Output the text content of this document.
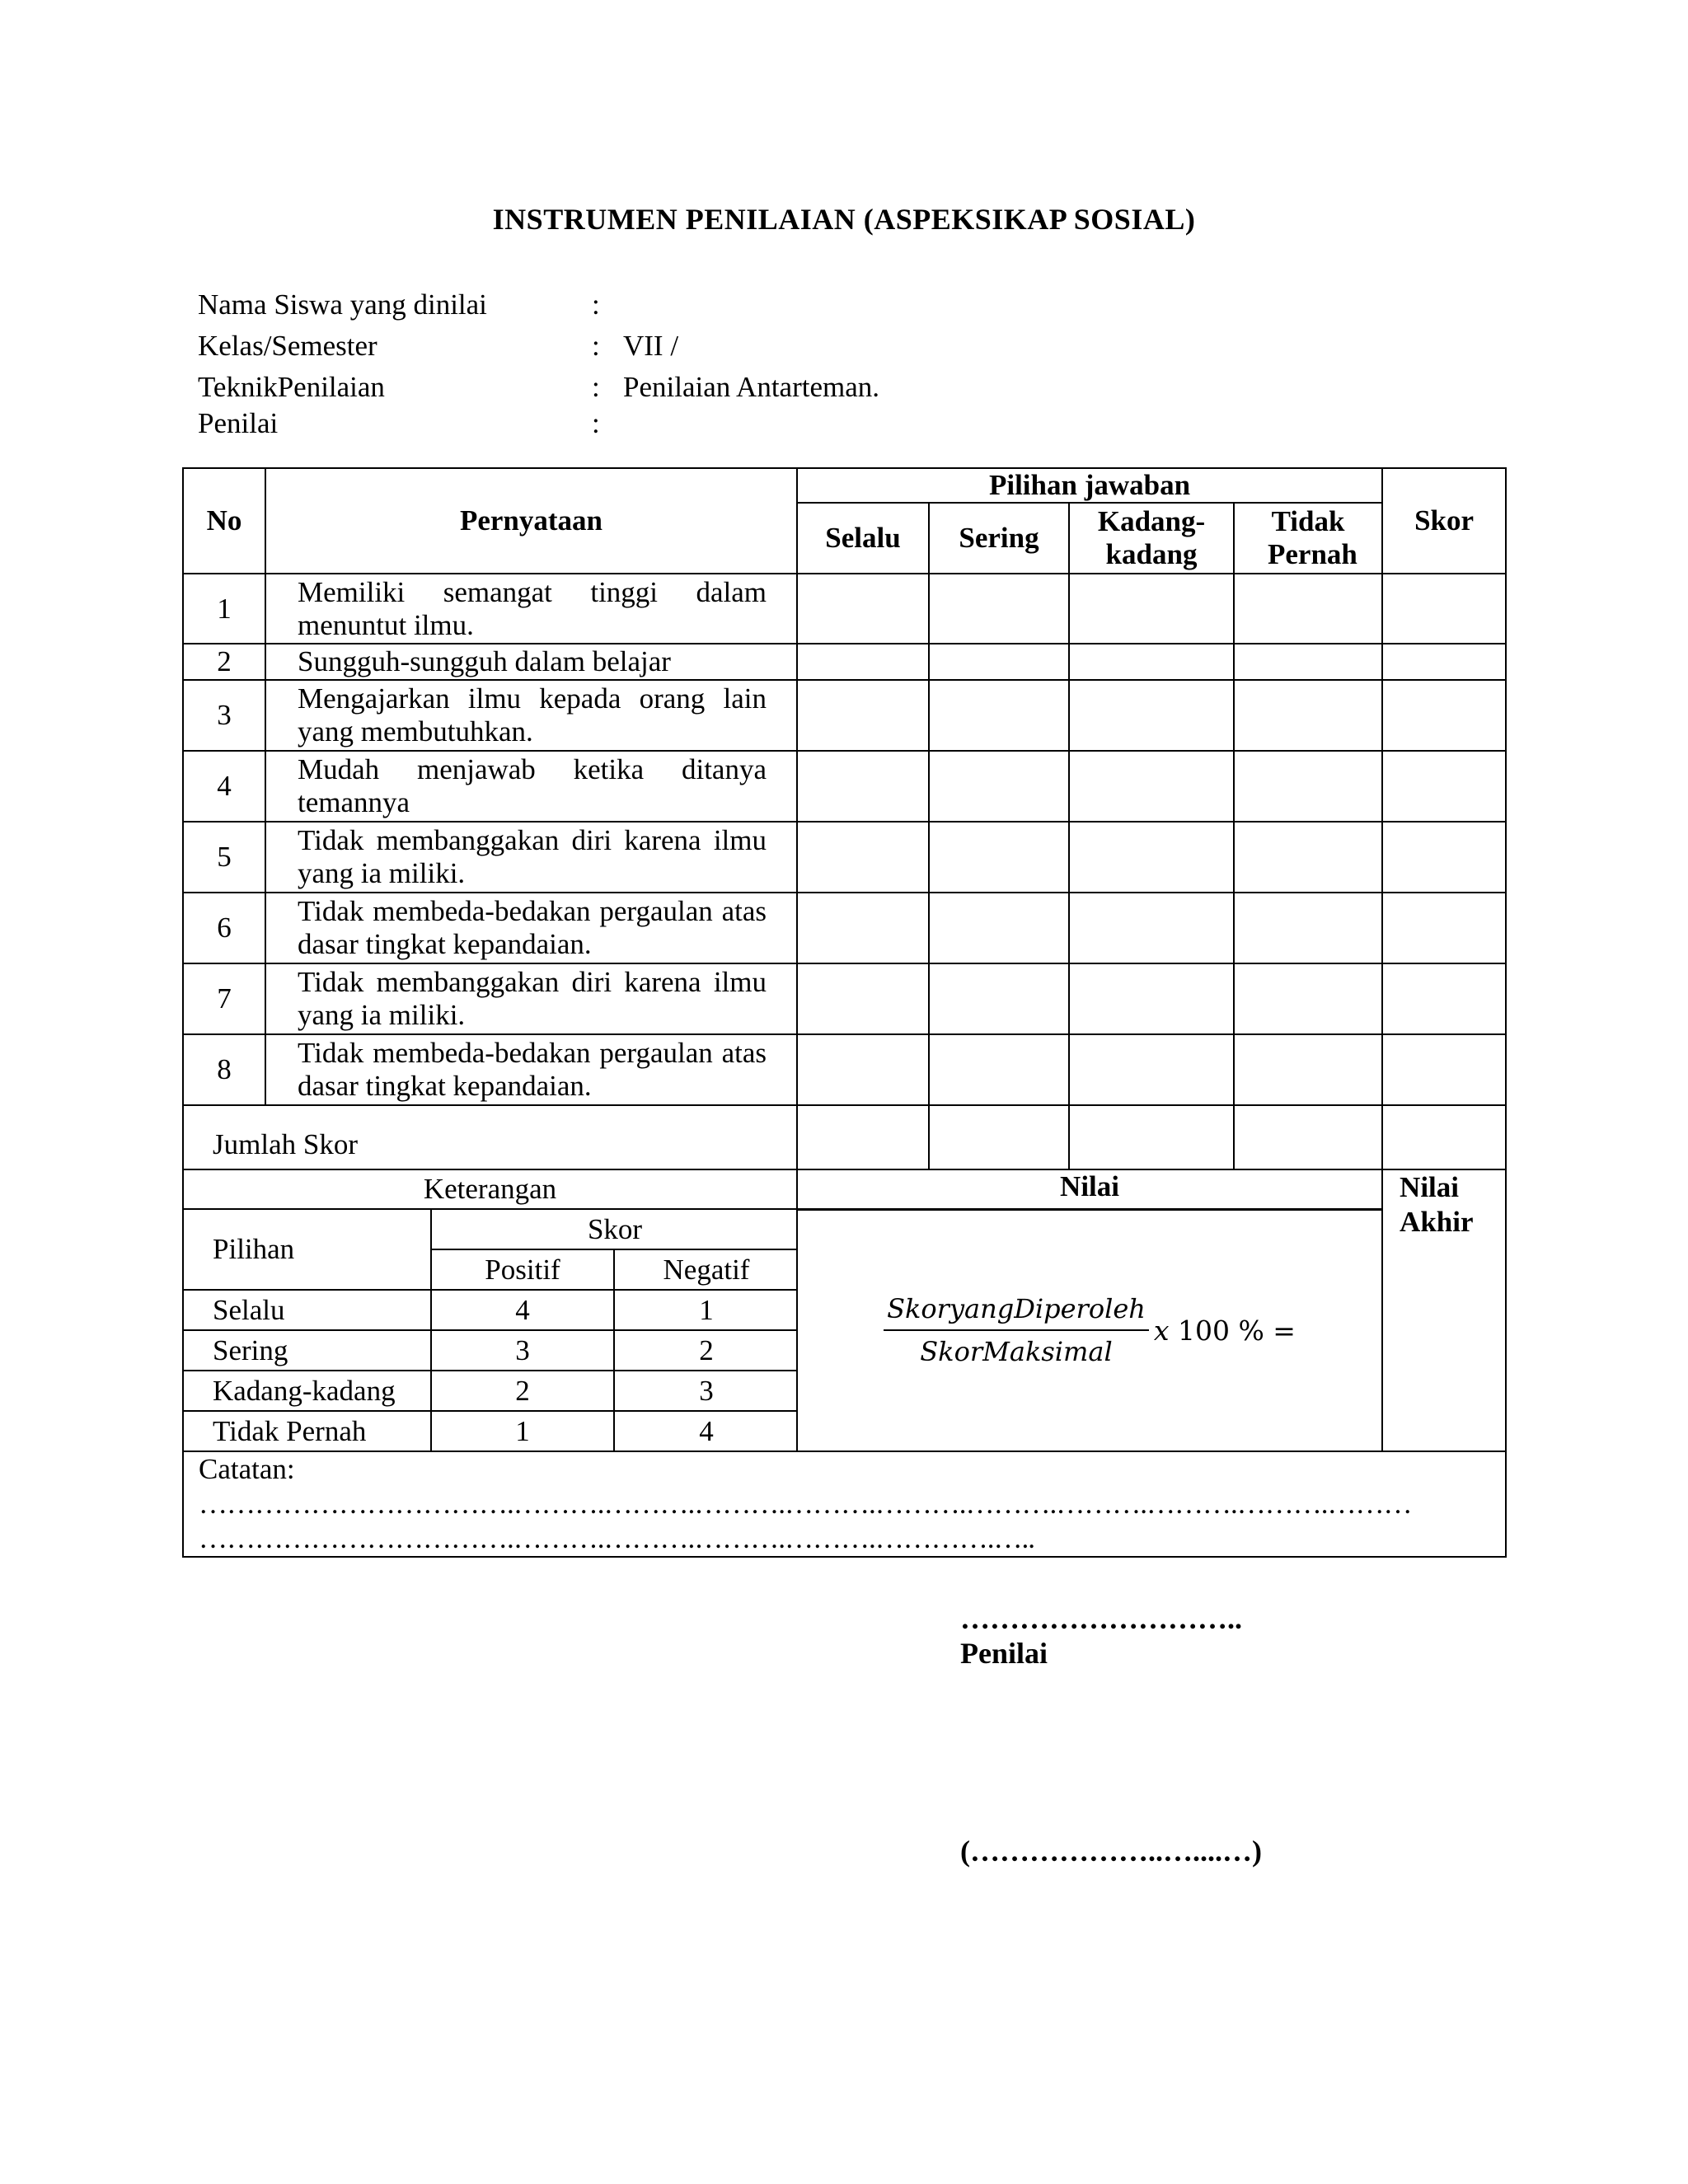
INSTRUMEN PENILAIAN (ASPEKSIKAP SOSIAL)
Nama Siswa yang dinilai	:
Kelas/Semester	: VII /
TeknikPenilaian	: Penilaian Antarteman.
Penilai	:
No	Pernyataan	Pilihan jawaban	Skor
Selalu	Sering	Kadang-kadang	Tidak Pernah
1	Memiliki semangat tinggi dalam menuntut ilmu.					
2	Sungguh-sungguh dalam belajar					
3	Mengajarkan ilmu kepada orang lain yang membutuhkan.					
4	Mudah menjawab ketika ditanya temannya					
5	Tidak membanggakan diri karena ilmu yang ia miliki.					
6	Tidak membeda-bedakan pergaulan atas dasar tingkat kepandaian.					
7	Tidak membanggakan diri karena ilmu yang ia miliki.					
8	Tidak membeda-bedakan pergaulan atas dasar tingkat kepandaian.					
Jumlah Skor					
Keterangan	Nilai	Nilai Akhir

Pilihan	Skor
Positif	Negatif
Selalu	4	1
Sering	3	2
Kadang-kadang	2	3
Tidak Pernah	1	4

$\frac{\text{SkoryangDiperoleh}}{\text{SkorMaksimal}}$ x 100 % =

Catatan:
…………………………….……….……….……….……….……….……….……….……….……….………
…………………………….……….……….……….……….………….…..
………………………..
Penilai
(………………..…....…)
